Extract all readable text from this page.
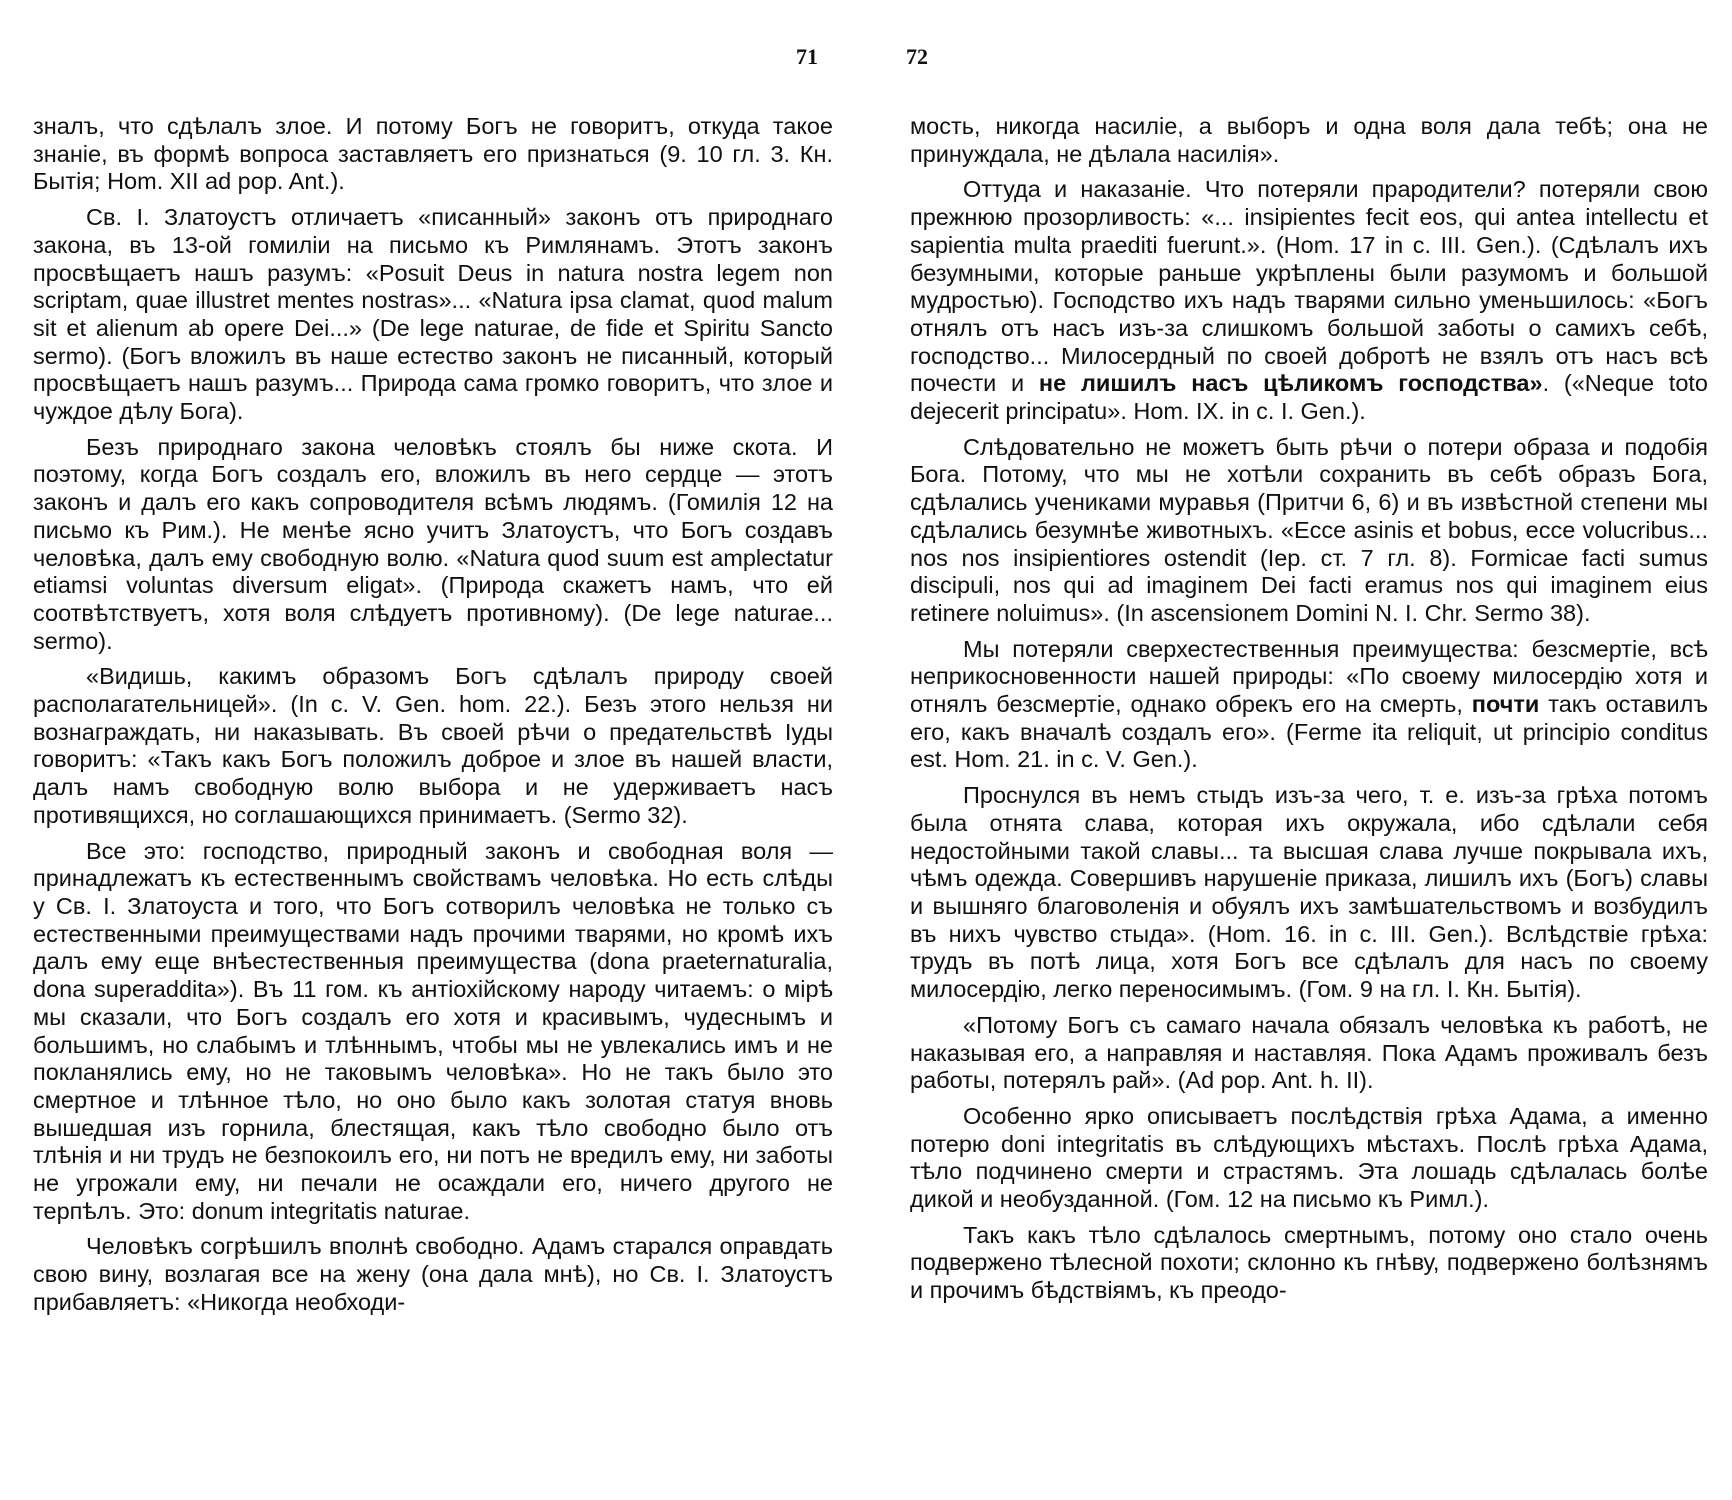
71	72

зналъ, что сдѣлалъ злое. И потому Богъ не говоритъ, откуда такое знаніе, въ формѣ вопроса заставляетъ его признаться (9. 10 гл. 3. Кн. Бытія; Hom. XII ad pop. Ant.).

Св. I. Златоустъ отличаетъ «писанный» законъ отъ природнаго закона, въ 13-ой гомиліи на письмо къ Римлянамъ. Этотъ законъ просвѣщаетъ нашъ разумъ: «Posuit Deus in natura nostra legem non scriptam, quae illustret mentes nostras»... «Natura ipsa clamat, quod malum sit et alienum ab opere Dei...» (De lege naturae, de fide et Spiritu Sancto sermo). (Богъ вложилъ въ наше естество законъ не писанный, который просвѣщаетъ нашъ разумъ... Природа сама громко говоритъ, что злое и чуждое дѣлу Бога).

Безъ природнаго закона человѣкъ стоялъ бы ниже скота. И поэтому, когда Богъ создалъ его, вложилъ въ него сердце — этотъ законъ и далъ его какъ сопроводителя всѣмъ людямъ. (Гомилія 12 на письмо къ Рим.). Не менѣе ясно учитъ Златоустъ, что Богъ создавъ человѣка, далъ ему свободную волю. «Natura quod suum est amplectatur etiamsi voluntas diversum eligat». (Природа скажетъ намъ, что ей соотвѣтствуетъ, хотя воля слѣдуетъ противному). (De lege naturae... sermo).

«Видишь, какимъ образомъ Богъ сдѣлалъ природу своей располагательницей». (In c. V. Gen. hom. 22.). Безъ этого нельзя ни вознаграждать, ни наказывать. Въ своей рѣчи о предательствѣ Іуды говоритъ: «Такъ какъ Богъ положилъ доброе и злое въ нашей власти, далъ намъ свободную волю выбора и не удерживаетъ насъ противящихся, но соглашающихся принимаетъ. (Sermo 32).

Все это: господство, природный законъ и свободная воля — принадлежатъ къ естественнымъ свойствамъ человѣка. Но есть слѣды у Св. I. Златоуста и того, что Богъ сотворилъ человѣка не только съ естественными преимуществами надъ прочими тварями, но кромѣ ихъ далъ ему еще внѣестественныя преимущества (dona praeternaturalia, dona superaddita»). Въ 11 гом. къ антіохійскому народу читаемъ: о мірѣ мы сказали, что Богъ создалъ его хотя и красивымъ, чудеснымъ и большимъ, но слабымъ и тлѣннымъ, чтобы мы не увлекались имъ и не покланялись ему, но не таковымъ человѣка». Но не такъ было это смертное и тлѣнное тѣло, но оно было какъ золотая статуя вновь вышедшая изъ горнила, блестящая, какъ тѣло свободно было отъ тлѣнія и ни трудъ не безпокоилъ его, ни потъ не вредилъ ему, ни заботы не угрожали ему, ни печали не осаждали его, ничего другого не терпѣлъ. Это: donum integritatis naturae.

Человѣкъ согрѣшилъ вполнѣ свободно. Адамъ старался оправдать свою вину, возлагая все на жену (она дала мнѣ), но Св. I. Златоустъ прибавляетъ: «Никогда необходи-

мость, никогда насиліе, а выборъ и одна воля дала тебѣ; она не принуждала, не дѣлала насилія».

Оттуда и наказаніе. Что потеряли прародители? потеряли свою прежнюю прозорливость: «... insipientes fecit eos, qui antea intellectu et sapientia multa praediti fuerunt.». (Hom. 17 in c. III. Gen.). (Сдѣлалъ ихъ безумными, которые раньше укрѣплены были разумомъ и большой мудростью). Господство ихъ надъ тварями сильно уменьшилось: «Богъ отнялъ отъ насъ изъ-за слишкомъ большой заботы о самихъ себѣ, господство... Милосердный по своей добротѣ не взялъ отъ насъ всѣ почести и не лишилъ насъ цѣликомъ господства». («Neque toto dejecerit principatu». Hom. IX. in c. I. Gen.).

Слѣдовательно не можетъ быть рѣчи о потери образа и подобія Бога. Потому, что мы не хотѣли сохранить въ себѣ образъ Бога, сдѣлались учениками муравья (Притчи 6, 6) и въ извѣстной степени мы сдѣлались безумнѣе животныхъ. «Ecce asinis et bobus, ecce volucribus... nos nos insipientiores ostendit (Iep. ст. 7 гл. 8). Formicae facti sumus discipuli, nos qui ad imaginem Dei facti eramus nos qui imaginem eius retinere noluimus». (In ascensionem Domini N. I. Chr. Sermo 38).

Мы потеряли сверхестественныя преимущества: безсмертіе, всѣ неприкосновенности нашей природы: «По своему милосердію хотя и отнялъ безсмертіе, однако обрекъ его на смерть, почти такъ оставилъ его, какъ вначалѣ создалъ его». (Ferme ita reliquit, ut principio conditus est. Hom. 21. in c. V. Gen.).

Проснулся въ немъ стыдъ изъ-за чего, т. е. изъ-за грѣха потомъ была отнята слава, которая ихъ окружала, ибо сдѣлали себя недостойными такой славы... та высшая слава лучше покрывала ихъ, чѣмъ одежда. Совершивъ нарушеніе приказа, лишилъ ихъ (Богъ) славы и вышняго благоволенія и обуялъ ихъ замѣшательствомъ и возбудилъ въ нихъ чувство стыда». (Hom. 16. in c. III. Gen.). Вслѣдствіе грѣха: трудъ въ потѣ лица, хотя Богъ все сдѣлалъ для насъ по своему милосердію, легко переносимымъ. (Гом. 9 на гл. I. Кн. Бытія).

«Потому Богъ съ самаго начала обязалъ человѣка къ работѣ, не наказывая его, а направляя и наставляя. Пока Адамъ проживалъ безъ работы, потерялъ рай». (Ad pop. Ant. h. II).

Особенно ярко описываетъ послѣдствія грѣха Адама, а именно потерю doni integritatis въ слѣдующихъ мѣстахъ. Послѣ грѣха Адама, тѣло подчинено смерти и страстямъ. Эта лошадь сдѣлалась болѣе дикой и необузданной. (Гом. 12 на письмо къ Римл.).

Такъ какъ тѣло сдѣлалось смертнымъ, потому оно стало очень подвержено тѣлесной похоти; склонно къ гнѣву, подвержено болѣзнямъ и прочимъ бѣдствіямъ, къ преодо-
